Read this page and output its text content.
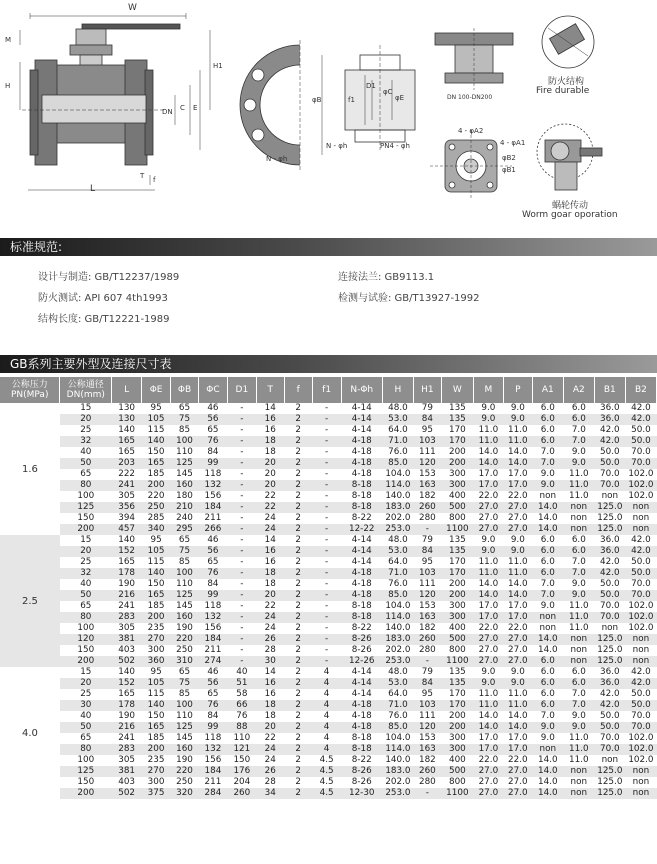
W
M
H
H1
DN C E
L
T f
N - φh
N - φh	PN4 - φh
φB	f1
D1
φC
φE	DN 100-DN200
4 - φA2
4 - φA1
φB2
φB1
防火结构
Fire durable
蜗轮传动
Worm goar oporation
标准规范:
设计与制造: GB/T12237/1989	连接法兰: GB9113.1
防火测试: API 607 4th1993	检测与试验: GB/T13927-1992
结构长度: GB/T12221-1989
GB系列主要外型及连接尺寸表
公称压力
PN(MPa)	公称通径
DN(mm)	L	ΦE	ΦB	ΦC	D1	T	f	f1	N-Φh	H	H1	W	M	P	A1	A2	B1	B2
1.6	15	130	95	65	46	-	14	2	-	4-14	48.0	79	135	9.0	9.0	6.0	6.0	36.0	42.0
	20	130	105	75	56	-	16	2	-	4-14	53.0	84	135	9.0	9.0	6.0	6.0	36.0	42.0
	25	140	115	85	65	-	16	2	-	4-14	64.0	95	170	11.0	11.0	6.0	7.0	42.0	50.0
	32	165	140	100	76	-	18	2	-	4-18	71.0	103	170	11.0	11.0	6.0	7.0	42.0	50.0
	40	165	150	110	84	-	18	2	-	4-18	76.0	111	200	14.0	14.0	7.0	9.0	50.0	70.0
	50	203	165	125	99	-	20	2	-	4-18	85.0	120	200	14.0	14.0	7.0	9.0	50.0	70.0
	65	222	185	145	118	-	20	2	-	4-18	104.0	153	300	17.0	17.0	9.0	11.0	70.0	102.0
	80	241	200	160	132	-	20	2	-	8-18	114.0	163	300	17.0	17.0	9.0	11.0	70.0	102.0
	100	305	220	180	156	-	22	2	-	8-18	140.0	182	400	22.0	22.0	non	11.0	non	102.0
	125	356	250	210	184	-	22	2	-	8-18	183.0	260	500	27.0	27.0	14.0	non	125.0	non
	150	394	285	240	211	-	24	2	-	8-22	202.0	280	800	27.0	27.0	14.0	non	125.0	non
	200	457	340	295	266	-	24	2	-	12-22	253.0	-	1100	27.0	27.0	14.0	non	125.0	non
2.5	15	140	95	65	46	-	14	2	-	4-14	48.0	79	135	9.0	9.0	6.0	6.0	36.0	42.0
	20	152	105	75	56	-	16	2	-	4-14	53.0	84	135	9.0	9.0	6.0	6.0	36.0	42.0
	25	165	115	85	65	-	16	2	-	4-14	64.0	95	170	11.0	11.0	6.0	7.0	42.0	50.0
	32	178	140	100	76	-	18	2	-	4-18	71.0	103	170	11.0	11.0	6.0	7.0	42.0	50.0
	40	190	150	110	84	-	18	2	-	4-18	76.0	111	200	14.0	14.0	7.0	9.0	50.0	70.0
	50	216	165	125	99	-	20	2	-	4-18	85.0	120	200	14.0	14.0	7.0	9.0	50.0	70.0
	65	241	185	145	118	-	22	2	-	8-18	104.0	153	300	17.0	17.0	9.0	11.0	70.0	102.0
	80	283	200	160	132	-	24	2	-	8-18	114.0	163	300	17.0	17.0	non	11.0	70.0	102.0
	100	305	235	190	156	-	24	2	-	8-22	140.0	182	400	22.0	22.0	non	11.0	non	102.0
	120	381	270	220	184	-	26	2	-	8-26	183.0	260	500	27.0	27.0	14.0	non	125.0	non
	150	403	300	250	211	-	28	2	-	8-26	202.0	280	800	27.0	27.0	14.0	non	125.0	non
	200	502	360	310	274	-	30	2	-	12-26	253.0	-	1100	27.0	27.0	6.0	non	125.0	non
4.0	15	140	95	65	46	40	14	2	4	4-14	48.0	79	135	9.0	9.0	6.0	6.0	36.0	42.0
	20	152	105	75	56	51	16	2	4	4-14	53.0	84	135	9.0	9.0	6.0	6.0	36.0	42.0
	25	165	115	85	65	58	16	2	4	4-14	64.0	95	170	11.0	11.0	6.0	7.0	42.0	50.0
	30	178	140	100	76	66	18	2	4	4-18	71.0	103	170	11.0	11.0	6.0	7.0	42.0	50.0
	40	190	150	110	84	76	18	2	4	4-18	76.0	111	200	14.0	14.0	7.0	9.0	50.0	70.0
	50	216	165	125	99	88	20	2	4	4-18	85.0	120	200	14.0	14.0	9.0	9.0	50.0	70.0
	65	241	185	145	118	110	22	2	4	8-18	104.0	153	300	17.0	17.0	9.0	11.0	70.0	102.0
	80	283	200	160	132	121	24	2	4	8-18	114.0	163	300	17.0	17.0	non	11.0	70.0	102.0
	100	305	235	190	156	150	24	2	4.5	8-22	140.0	182	400	22.0	22.0	14.0	11.0	non	102.0
	125	381	270	220	184	176	26	2	4.5	8-26	183.0	260	500	27.0	27.0	14.0	non	125.0	non
	150	403	300	250	211	204	28	2	4.5	8-26	202.0	280	800	27.0	27.0	14.0	non	125.0	non
	200	502	375	320	284	260	34	2	4.5	12-30	253.0	-	1100	27.0	27.0	14.0	non	125.0	non
